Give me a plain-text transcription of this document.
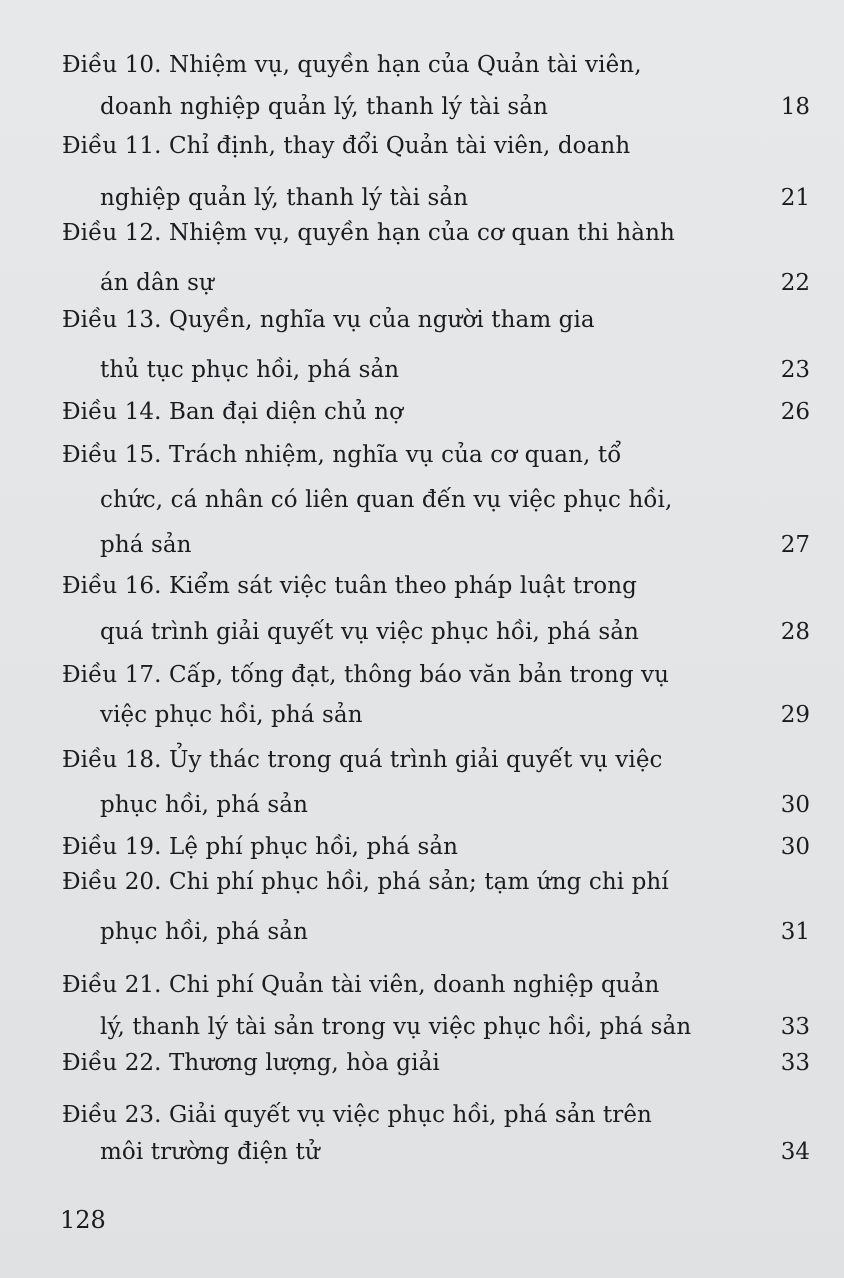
Điều 10. Nhiệm vụ, quyền hạn của Quản tài viên,
doanh nghiệp quản lý, thanh lý tài sản	18
Điều 11. Chỉ định, thay đổi Quản tài viên, doanh
nghiệp quản lý, thanh lý tài sản	21
Điều 12. Nhiệm vụ, quyền hạn của cơ quan thi hành
án dân sự	22
Điều 13. Quyền, nghĩa vụ của người tham gia
thủ tục phục hồi, phá sản	23
Điều 14. Ban đại diện chủ nợ	26
Điều 15. Trách nhiệm, nghĩa vụ của cơ quan, tổ
chức, cá nhân có liên quan đến vụ việc phục hồi,
phá sản	27
Điều 16. Kiểm sát việc tuân theo pháp luật trong
quá trình giải quyết vụ việc phục hồi, phá sản	28
Điều 17. Cấp, tống đạt, thông báo văn bản trong vụ
việc phục hồi, phá sản	29
Điều 18. Ủy thác trong quá trình giải quyết vụ việc
phục hồi, phá sản	30
Điều 19. Lệ phí phục hồi, phá sản	30
Điều 20. Chi phí phục hồi, phá sản; tạm ứng chi phí
phục hồi, phá sản	31
Điều 21. Chi phí Quản tài viên, doanh nghiệp quản
lý, thanh lý tài sản trong vụ việc phục hồi, phá sản	33
Điều 22. Thương lượng, hòa giải	33
Điều 23. Giải quyết vụ việc phục hồi, phá sản trên
môi trường điện tử	34
128
